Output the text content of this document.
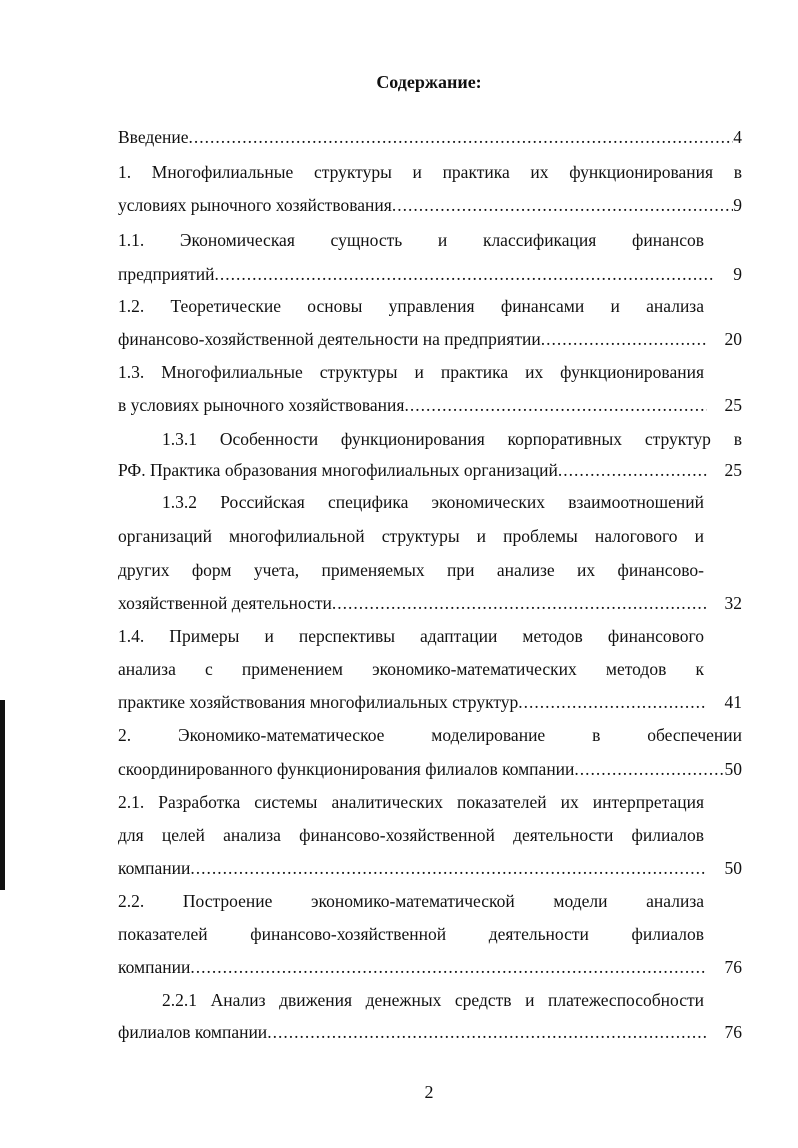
Содержание:
Введение .....	4
1. Многофилиальные структуры и практика их функционирования в
условиях рыночного хозяйствования .....	9
1.1. Экономическая сущность и классификация финансов
предприятий .....	9
1.2. Теоретические основы управления финансами и анализа
финансово-хозяйственной деятельности на предприятии .....	20
1.3. Многофилиальные структуры и практика их функционирования
в условиях рыночного хозяйствования .....	25
1.3.1 Особенности функционирования корпоративных структур в
РФ. Практика образования многофилиальных организаций .....	25
1.3.2 Российская специфика экономических взаимоотношений
организаций многофилиальной структуры и проблемы налогового и
других форм учета, применяемых при анализе их финансово-
хозяйственной деятельности .....	32
1.4. Примеры и перспективы адаптации методов финансового
анализа с применением экономико-математических методов к
практике хозяйствования многофилиальных структур .....	41
2. Экономико-математическое моделирование в обеспечении
скоординированного функционирования филиалов компании .....	50
2.1. Разработка системы аналитических показателей их интерпретация
для целей анализа финансово-хозяйственной деятельности филиалов
компании .....	50
2.2. Построение экономико-математической модели анализа
показателей финансово-хозяйственной деятельности филиалов
компании .....	76
2.2.1 Анализ движения денежных средств и платежеспособности
филиалов компании .....	76
2
